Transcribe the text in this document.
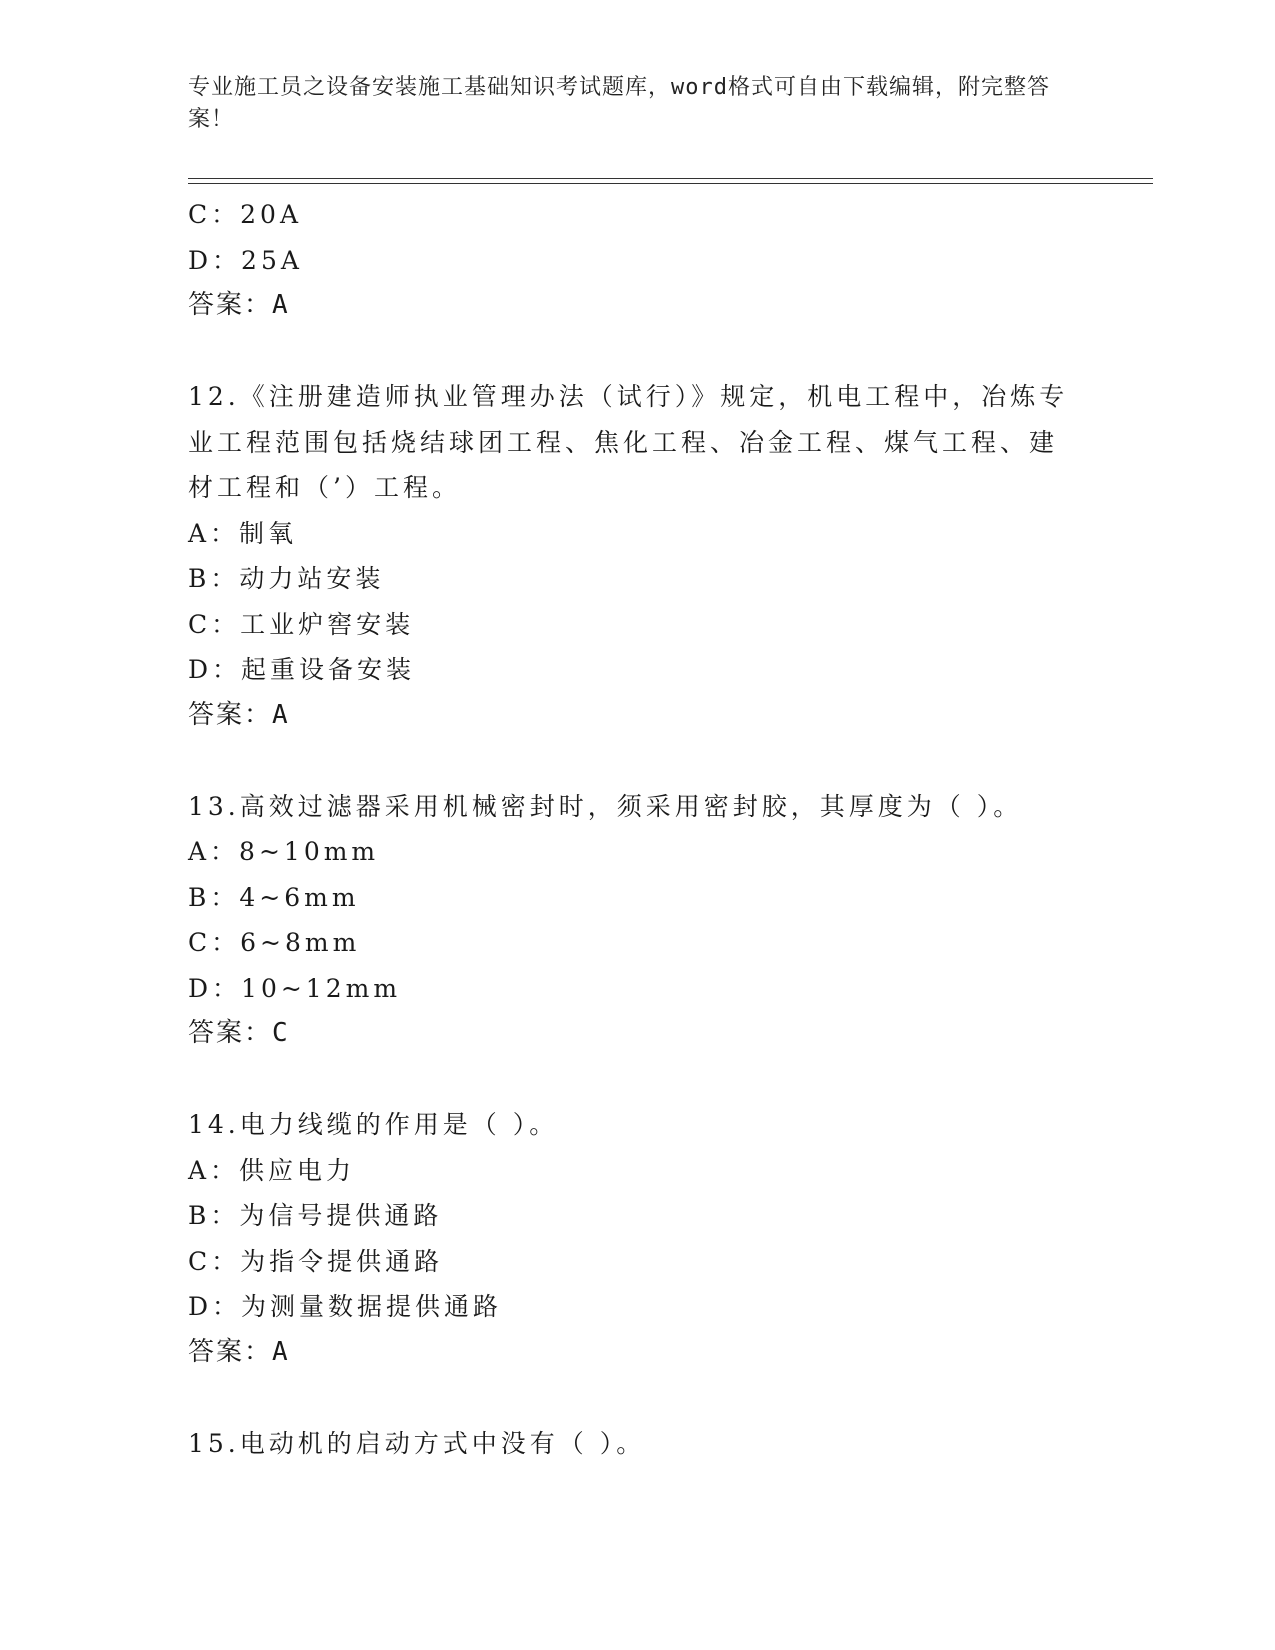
专业施工员之设备安装施工基础知识考试题库，word格式可自由下载编辑，附完整答案！
C：20A
D：25A
答案：A
12.《注册建造师执业管理办法（试行）》规定，机电工程中，冶炼专
业工程范围包括烧结球团工程、焦化工程、冶金工程、煤气工程、建
材工程和（’）工程。
A：制氧
B：动力站安装
C：工业炉窖安装
D：起重设备安装
答案：A
13.高效过滤器采用机械密封时，须采用密封胶，其厚度为（ ）。
A：8~10mm
B：4~6mm
C：6~8mm
D：10~12mm
答案：C
14.电力线缆的作用是（ ）。
A：供应电力
B：为信号提供通路
C：为指令提供通路
D：为测量数据提供通路
答案：A
15.电动机的启动方式中没有（ ）。
